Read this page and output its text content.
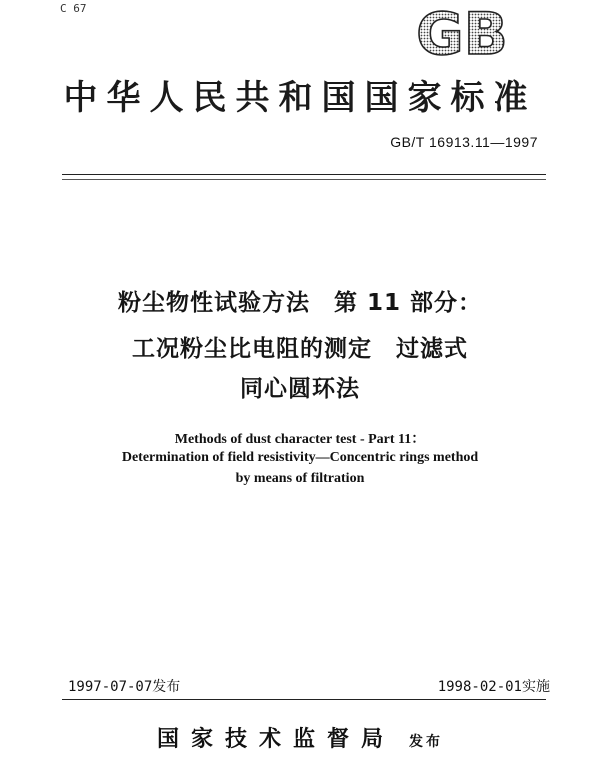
C 67	GB
中华人民共和国国家标准
GB/T 16913.11—1997
粉尘物性试验方法　第 11 部分：
工况粉尘比电阻的测定　过滤式
同心圆环法
Methods of dust character test - Part 11：
Determination of field resistivity—Concentric rings method
by means of filtration
1997-07-07发布	1998-02-01实施
国家技术监督局 发布
